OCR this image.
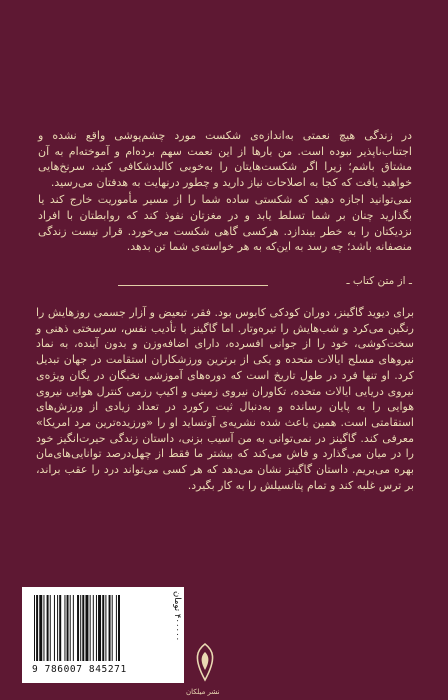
در زندگی هیچ نعمتی به‌اندازه‌ی شکست مورد چشم‌پوشی واقع نشده و اجتناب‌ناپذیر نبوده است. من بارها از این نعمت سهم برده‌ام و آموخته‌ام به آن مشتاق باشم؛ زیرا اگر شکست‌هایتان را به‌خوبی کالبدشکافی کنید، سرنخ‌هایی خواهید یافت که کجا به اصلاحات نیاز دارید و چطور درنهایت به هدفتان می‌رسید.
نمی‌توانید اجازه دهید که شکستی ساده شما را از مسیر مأموریت خارج کند یا بگذارید چنان بر شما تسلط یابد و در مغزتان نفوذ کند که روابطتان با افراد نزدیکتان را به خطر بیندازد. هرکسی گاهی شکست می‌خورد. قرار نیست زندگی منصفانه باشد؛ چه رسد به این‌که به هر خواسته‌ی شما تن بدهد.
ـ از متن کتاب ـ
برای دیوید گاگینز، دوران کودکی کابوس بود. فقر، تبعیض و آزار جسمی روزهایش را رنگین می‌کرد و شب‌هایش را تیره‌وتار. اما گاگینز با تأدیب نفس، سرسختی ذهنی و سخت‌کوشی، خود را از جوانی افسرده، دارای اضافه‌وزن و بدون آینده، به نماد نیروهای مسلح ایالات متحده و یکی از برترین ورزشکاران استقامت در جهان تبدیل کرد. او تنها فرد در طول تاریخ است که دوره‌های آموزشی نخبگان در یگان ویژه‌ی نیروی دریایی ایالات متحده، تکاوران نیروی زمینی و اکیپ رزمی کنترل هوایی نیروی هوایی را به پایان رسانده و به‌دنبال ثبت رکورد در تعداد زیادی از ورزش‌های استقامتی است. همین باعث شده نشریه‌ی آوتساید او را «ورزیده‌ترین مرد امریکا» معرفی کند. گاگینز در نمی‌توانی به من آسیب بزنی، داستان زندگی حیرت‌انگیز خود را در میان می‌گذارد و فاش می‌کند که بیشتر ما فقط از چهل‌درصد توانایی‌های‌مان بهره می‌بریم. داستان گاگینز نشان می‌دهد که هر کسی می‌تواند درد را عقب براند، بر ترس غلبه کند و تمام پتانسیلش را به کار بگیرد.
9 786007 845271
۴۰۰۰۰۰ تومان
نشر میلکان
